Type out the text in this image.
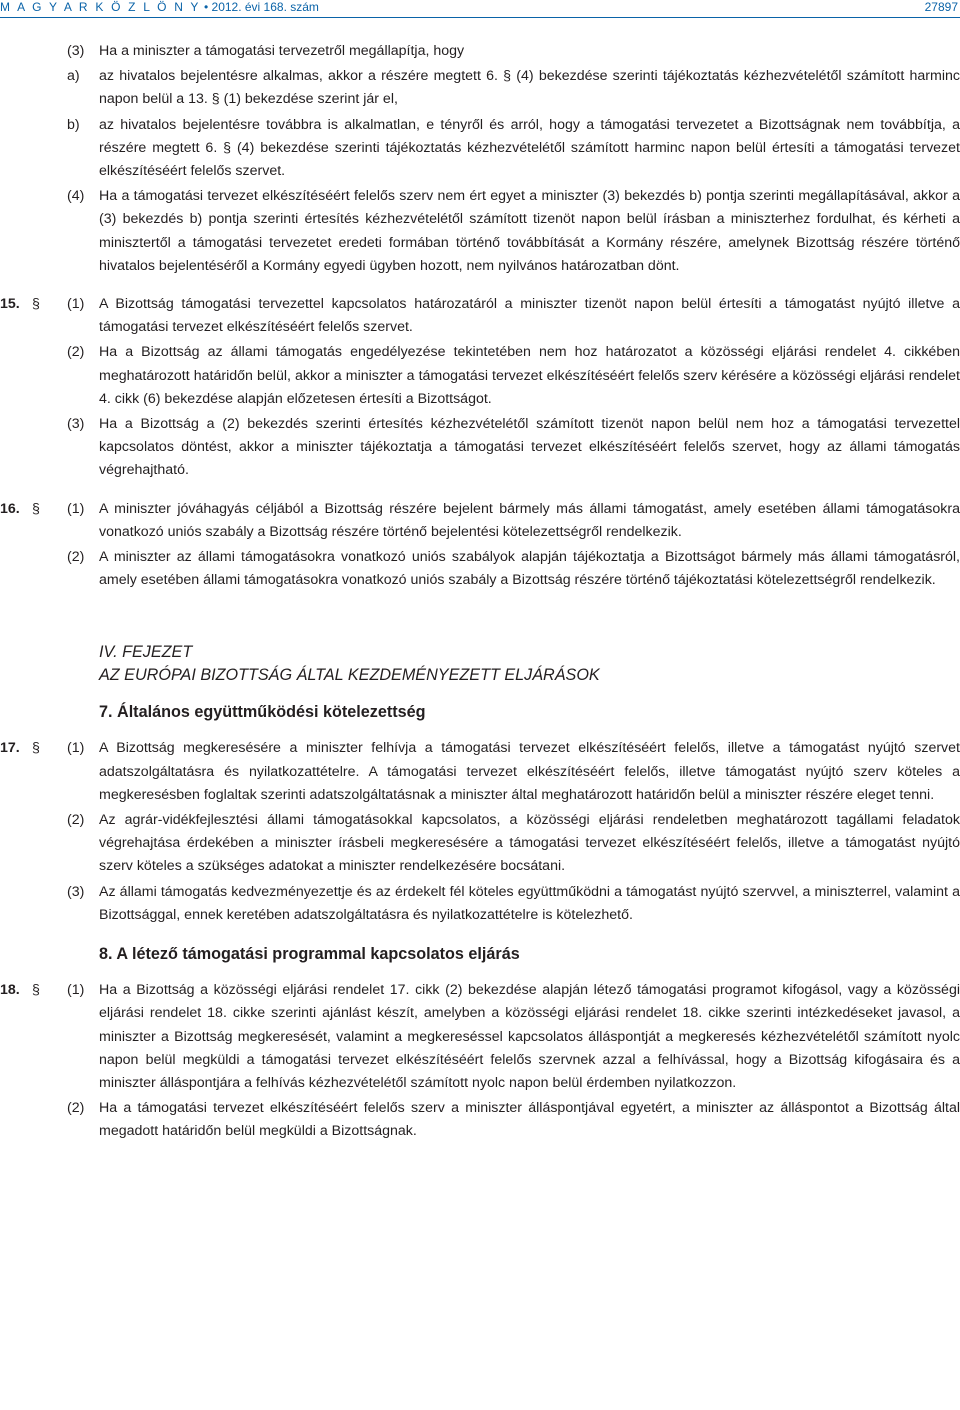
M A G Y A R K Ö Z L Ö N Y • 2012. évi 168. szám	27897
(3)	Ha a miniszter a támogatási tervezetről megállapítja, hogy
a) az hivatalos bejelentésre alkalmas, akkor a részére megtett 6. § (4) bekezdése szerinti tájékoztatás kézhezvételétől számított harminc napon belül a 13. § (1) bekezdése szerint jár el,
b) az hivatalos bejelentésre továbbra is alkalmatlan, e tényről és arról, hogy a támogatási tervezetet a Bizottságnak nem továbbítja, a részére megtett 6. § (4) bekezdése szerinti tájékoztatás kézhezvételétől számított harminc napon belül értesíti a támogatási tervezet elkészítéséért felelős szervet.
(4)	Ha a támogatási tervezet elkészítéséért felelős szerv nem ért egyet a miniszter (3) bekezdés b) pontja szerinti megállapításával, akkor a (3) bekezdés b) pontja szerinti értesítés kézhezvételétől számított tizenöt napon belül írásban a miniszterhez fordulhat, és kérheti a minisztertől a támogatási tervezetet eredeti formában történő továbbítását a Kormány részére, amelynek Bizottság részére történő hivatalos bejelentéséről a Kormány egyedi ügyben hozott, nem nyilvános határozatban dönt.
15. § (1)	A Bizottság támogatási tervezettel kapcsolatos határozatáról a miniszter tizenöt napon belül értesíti a támogatást nyújtó illetve a támogatási tervezet elkészítéséért felelős szervet.
(2)	Ha a Bizottság az állami támogatás engedélyezése tekintetében nem hoz határozatot a közösségi eljárási rendelet 4. cikkében meghatározott határidőn belül, akkor a miniszter a támogatási tervezet elkészítéséért felelős szerv kérésére a közösségi eljárási rendelet 4. cikk (6) bekezdése alapján előzetesen értesíti a Bizottságot.
(3)	Ha a Bizottság a (2) bekezdés szerinti értesítés kézhezvételétől számított tizenöt napon belül nem hoz a támogatási tervezettel kapcsolatos döntést, akkor a miniszter tájékoztatja a támogatási tervezet elkészítéséért felelős szervet, hogy az állami támogatás végrehajtható.
16. § (1)	A miniszter jóváhagyás céljából a Bizottság részére bejelent bármely más állami támogatást, amely esetében állami támogatásokra vonatkozó uniós szabály a Bizottság részére történő bejelentési kötelezettségről rendelkezik.
(2)	A miniszter az állami támogatásokra vonatkozó uniós szabályok alapján tájékoztatja a Bizottságot bármely más állami támogatásról, amely esetében állami támogatásokra vonatkozó uniós szabály a Bizottság részére történő tájékoztatási kötelezettségről rendelkezik.
IV. FEJEZET
AZ EURÓPAI BIZOTTSÁG ÁLTAL KEZDEMÉNYEZETT ELJÁRÁSOK
7. Általános együttműködési kötelezettség
17. § (1)	A Bizottság megkeresésére a miniszter felhívja a támogatási tervezet elkészítéséért felelős, illetve a támogatást nyújtó szervet adatszolgáltatásra és nyilatkozattételre. A támogatási tervezet elkészítéséért felelős, illetve támogatást nyújtó szerv köteles a megkeresésben foglaltak szerinti adatszolgáltatásnak a miniszter által meghatározott határidőn belül a miniszter részére eleget tenni.
(2)	Az agrár-vidékfejlesztési állami támogatásokkal kapcsolatos, a közösségi eljárási rendeletben meghatározott tagállami feladatok végrehajtása érdekében a miniszter írásbeli megkeresésére a támogatási tervezet elkészítéséért felelős, illetve a támogatást nyújtó szerv köteles a szükséges adatokat a miniszter rendelkezésére bocsátani.
(3)	Az állami támogatás kedvezményezettje és az érdekelt fél köteles együttműködni a támogatást nyújtó szervvel, a miniszterrel, valamint a Bizottsággal, ennek keretében adatszolgáltatásra és nyilatkozattételre is kötelezhető.
8. A létező támogatási programmal kapcsolatos eljárás
18. § (1)	Ha a Bizottság a közösségi eljárási rendelet 17. cikk (2) bekezdése alapján létező támogatási programot kifogásol, vagy a közösségi eljárási rendelet 18. cikke szerinti ajánlást készít, amelyben a közösségi eljárási rendelet 18. cikke szerinti intézkedéseket javasol, a miniszter a Bizottság megkeresését, valamint a megkereséssel kapcsolatos álláspontját a megkeresés kézhezvételétől számított nyolc napon belül megküldi a támogatási tervezet elkészítéséért felelős szervnek azzal a felhívással, hogy a Bizottság kifogásaira és a miniszter álláspontjára a felhívás kézhezvételétől számított nyolc napon belül érdemben nyilatkozzon.
(2)	Ha a támogatási tervezet elkészítéséért felelős szerv a miniszter álláspontjával egyetért, a miniszter az álláspontot a Bizottság által megadott határidőn belül megküldi a Bizottságnak.
